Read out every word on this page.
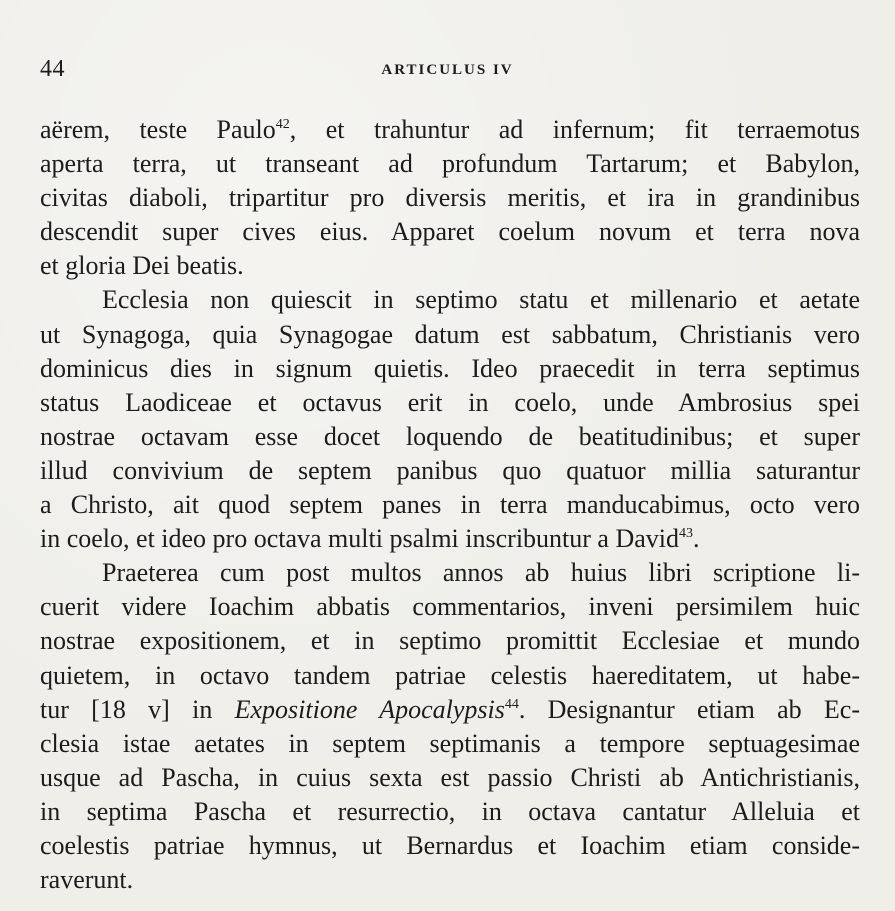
44	ARTICULUS IV
aërem, teste Paulo$^{42}$, et trahuntur ad infernum; fit terraemotus
aperta terra, ut transeant ad profundum Tartarum; et Babylon,
civitas diaboli, tripartitur pro diversis meritis, et ira in grandinibus
descendit super cives eius. Apparet coelum novum et terra nova
et gloria Dei beatis.
Ecclesia non quiescit in septimo statu et millenario et aetate
ut Synagoga, quia Synagogae datum est sabbatum, Christianis vero
dominicus dies in signum quietis. Ideo praecedit in terra septimus
status Laodiceae et octavus erit in coelo, unde Ambrosius spei
nostrae octavam esse docet loquendo de beatitudinibus; et super
illud convivium de septem panibus quo quatuor millia saturantur
a Christo, ait quod septem panes in terra manducabimus, octo vero
in coelo, et ideo pro octava multi psalmi inscribuntur a David$^{43}$.
Praeterea cum post multos annos ab huius libri scriptione li-
cuerit videre Ioachim abbatis commentarios, inveni persimilem huic
nostrae expositionem, et in septimo promittit Ecclesiae et mundo
quietem, in octavo tandem patriae celestis haereditatem, ut habe-
tur [18 v] in Expositione Apocalypsis$^{44}$. Designantur etiam ab Ec-
clesia istae aetates in septem septimanis a tempore septuagesimae
usque ad Pascha, in cuius sexta est passio Christi ab Antichristianis,
in septima Pascha et resurrectio, in octava cantatur Alleluia et
coelestis patriae hymnus, ut Bernardus et Ioachim etiam conside-
raverunt.
